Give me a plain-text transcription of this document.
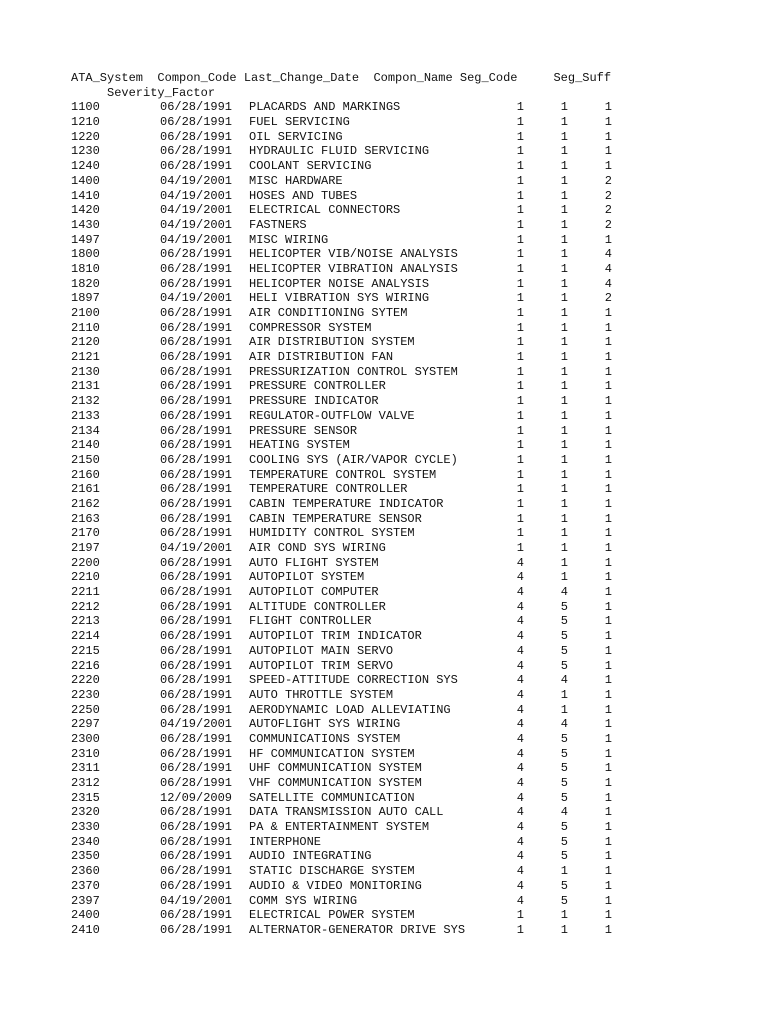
ATA_System  Compon_Code Last_Change_Date  Compon_Name Seg_Code     Seg_Suff
Severity_Factor
1100	06/28/1991 PLACARDS AND MARKINGS	1	1	1
1210	06/28/1991 FUEL SERVICING	1	1	1
1220	06/28/1991 OIL SERVICING	1	1	1
1230	06/28/1991 HYDRAULIC FLUID SERVICING	1	1	1
1240	06/28/1991 COOLANT SERVICING	1	1	1
1400	04/19/2001 MISC HARDWARE	1	1	2
1410	04/19/2001 HOSES AND TUBES	1	1	2
1420	04/19/2001 ELECTRICAL CONNECTORS	1	1	2
1430	04/19/2001 FASTNERS	1	1	2
1497	04/19/2001 MISC WIRING	1	1	1
1800	06/28/1991 HELICOPTER VIB/NOISE ANALYSIS	1	1	4
1810	06/28/1991 HELICOPTER VIBRATION ANALYSIS	1	1	4
1820	06/28/1991 HELICOPTER NOISE ANALYSIS	1	1	4
1897	04/19/2001 HELI VIBRATION SYS WIRING	1	1	2
2100	06/28/1991 AIR CONDITIONING SYTEM	1	1	1
2110	06/28/1991 COMPRESSOR SYSTEM	1	1	1
2120	06/28/1991 AIR DISTRIBUTION SYSTEM	1	1	1
2121	06/28/1991 AIR DISTRIBUTION FAN	1	1	1
2130	06/28/1991 PRESSURIZATION CONTROL SYSTEM	1	1	1
2131	06/28/1991 PRESSURE CONTROLLER	1	1	1
2132	06/28/1991 PRESSURE INDICATOR	1	1	1
2133	06/28/1991 REGULATOR-OUTFLOW VALVE	1	1	1
2134	06/28/1991 PRESSURE SENSOR	1	1	1
2140	06/28/1991 HEATING SYSTEM	1	1	1
2150	06/28/1991 COOLING SYS (AIR/VAPOR CYCLE)	1	1	1
2160	06/28/1991 TEMPERATURE CONTROL SYSTEM	1	1	1
2161	06/28/1991 TEMPERATURE CONTROLLER	1	1	1
2162	06/28/1991 CABIN TEMPERATURE INDICATOR	1	1	1
2163	06/28/1991 CABIN TEMPERATURE SENSOR	1	1	1
2170	06/28/1991 HUMIDITY CONTROL SYSTEM	1	1	1
2197	04/19/2001 AIR COND SYS WIRING	1	1	1
2200	06/28/1991 AUTO FLIGHT SYSTEM	4	1	1
2210	06/28/1991 AUTOPILOT SYSTEM	4	1	1
2211	06/28/1991 AUTOPILOT COMPUTER	4	4	1
2212	06/28/1991 ALTITUDE CONTROLLER	4	5	1
2213	06/28/1991 FLIGHT CONTROLLER	4	5	1
2214	06/28/1991 AUTOPILOT TRIM INDICATOR	4	5	1
2215	06/28/1991 AUTOPILOT MAIN SERVO	4	5	1
2216	06/28/1991 AUTOPILOT TRIM SERVO	4	5	1
2220	06/28/1991 SPEED-ATTITUDE CORRECTION SYS	4	4	1
2230	06/28/1991 AUTO THROTTLE SYSTEM	4	1	1
2250	06/28/1991 AERODYNAMIC LOAD ALLEVIATING	4	1	1
2297	04/19/2001 AUTOFLIGHT SYS WIRING	4	4	1
2300	06/28/1991 COMMUNICATIONS SYSTEM	4	5	1
2310	06/28/1991 HF COMMUNICATION SYSTEM	4	5	1
2311	06/28/1991 UHF COMMUNICATION SYSTEM	4	5	1
2312	06/28/1991 VHF COMMUNICATION SYSTEM	4	5	1
2315	12/09/2009 SATELLITE COMMUNICATION	4	5	1
2320	06/28/1991 DATA TRANSMISSION AUTO CALL	4	4	1
2330	06/28/1991 PA & ENTERTAINMENT SYSTEM	4	5	1
2340	06/28/1991 INTERPHONE	4	5	1
2350	06/28/1991 AUDIO INTEGRATING	4	5	1
2360	06/28/1991 STATIC DISCHARGE SYSTEM	4	1	1
2370	06/28/1991 AUDIO & VIDEO MONITORING	4	5	1
2397	04/19/2001 COMM SYS WIRING	4	5	1
2400	06/28/1991 ELECTRICAL POWER SYSTEM	1	1	1
2410	06/28/1991 ALTERNATOR-GENERATOR DRIVE SYS	1	1	1
